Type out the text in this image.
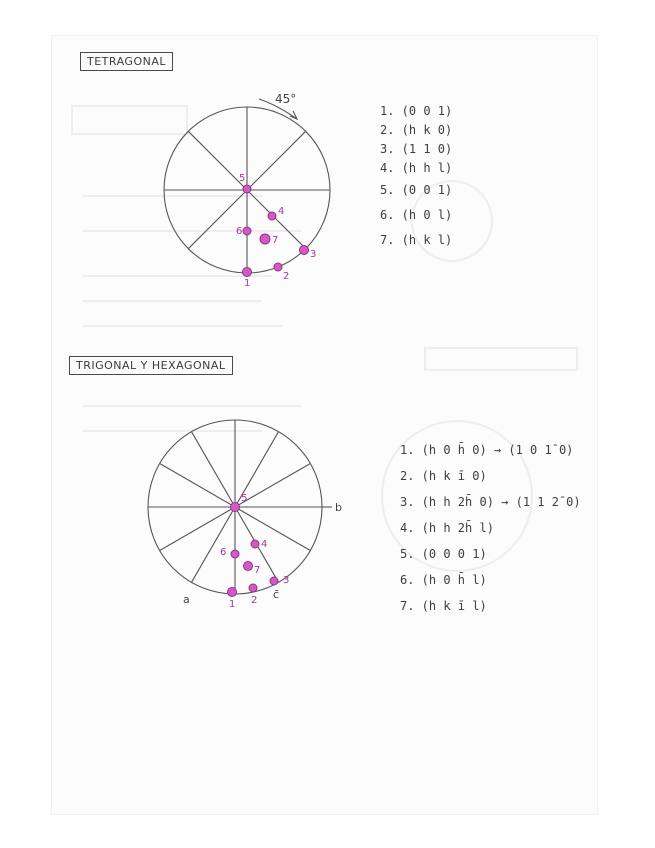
TETRAGONAL
45°
5
1
2
3
4
6
7
1. (0 0 1)
2. (h k 0)
3. (1 1 0)
4. (h h l)
5. (0 0 1)
6. (h 0 l)
7. (h k l)
TRIGONAL Y HEXAGONAL
5
1 2
3
4
6
7
a
b
c̄
1. (h 0 h̄ 0) → (1 0 1̄ 0)
2. (h k ī 0)
3. (h h 2h̄ 0) → (1 1 2̄ 0)
4. (h h 2h̄ l)
5. (0 0 0 1)
6. (h 0 h̄ l)
7. (h k ī l)
